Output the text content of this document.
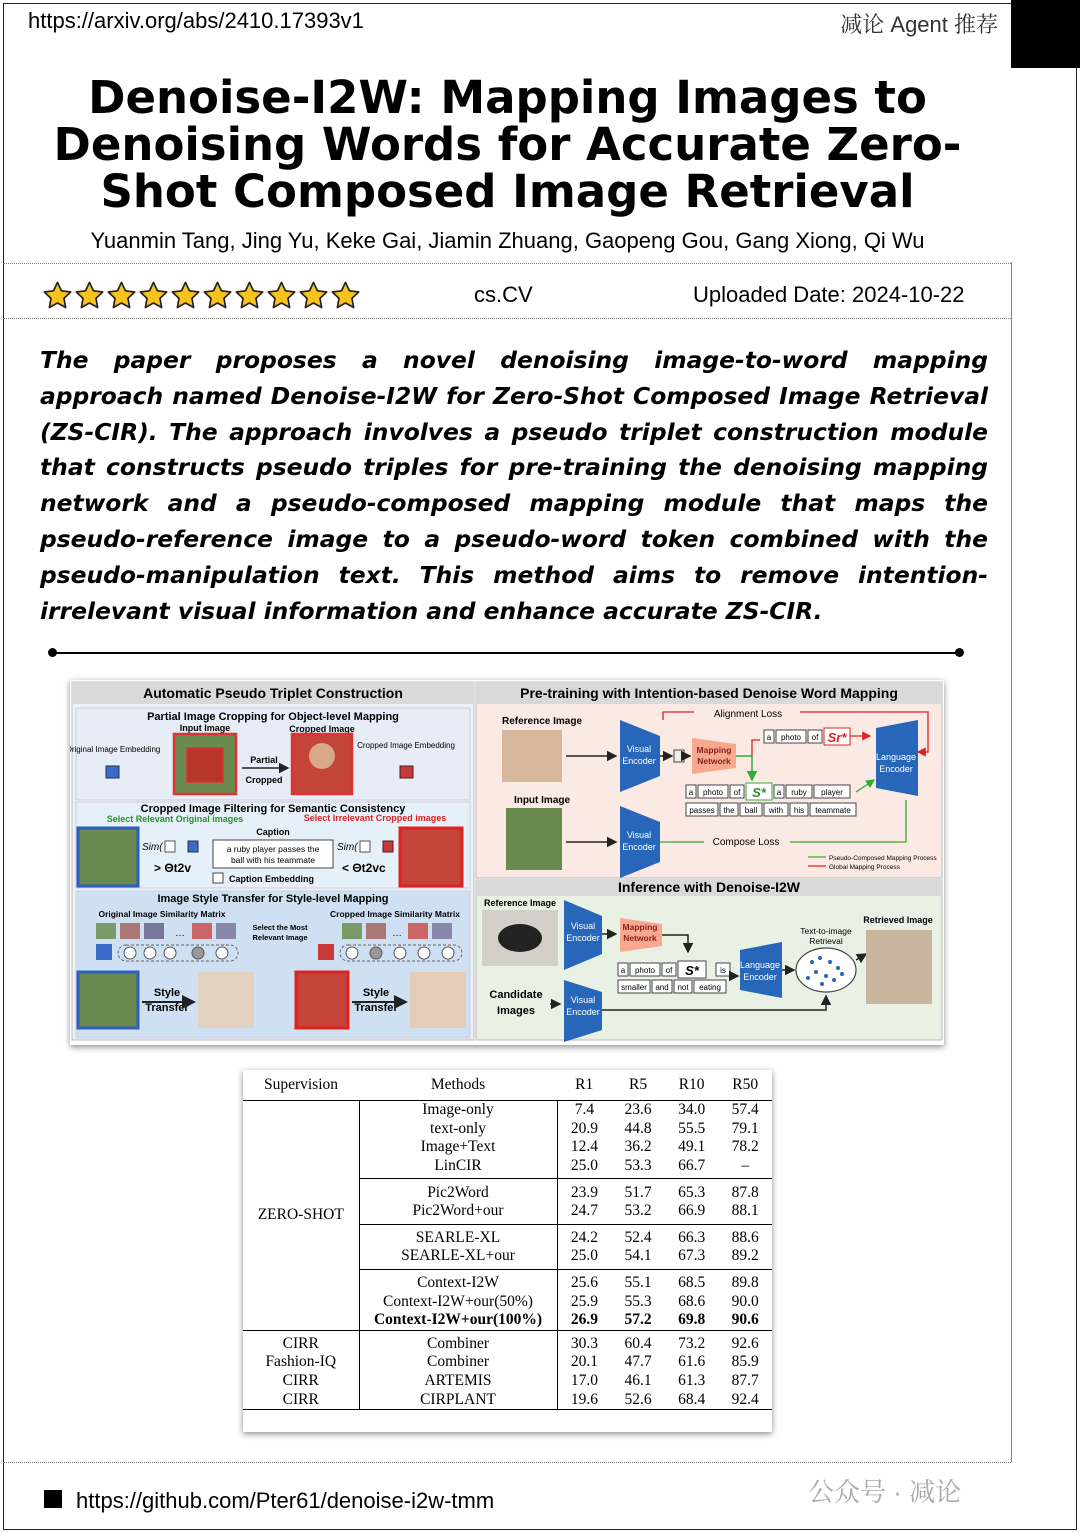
https://arxiv.org/abs/2410.17393v1	减论 Agent 推荐
Denoise-I2W: Mapping Images to Denoising Words for Accurate Zero-Shot Composed Image Retrieval
Yuanmin Tang, Jing Yu, Keke Gai, Jiamin Zhuang, Gaopeng Gou, Gang Xiong, Qi Wu
cs.CV	Uploaded Date: 2024-10-22
The paper proposes a novel denoising image-to-word mapping approach named Denoise-I2W for Zero-Shot Composed Image Retrieval (ZS-CIR). The approach involves a pseudo triplet construction module that constructs pseudo triples for pre-training the denoising mapping network and a pseudo-composed mapping module that maps the pseudo-reference image to a pseudo-word token combined with the pseudo-manipulation text. This method aims to remove intention-irrelevant visual information and enhance accurate ZS-CIR.
Automatic Pseudo Triplet Construction
Partial Image Cropping for Object-level Mapping
Input Image	Cropped Image
Original Image Embedding
Partial
Cropped
Cropped Image Embedding
Cropped Image Filtering for Semantic Consistency
Select Relevant Original images	Select Irrelevant Cropped images
Caption
a ruby player passes the
ball with his teammate
Sim(
> Θt2v
Sim(
< Θt2vc
Caption Embedding
Image Style Transfer for Style-level Mapping
Original Image Similarity Matrix	Cropped Image Similarity Matrix
Select the Most
Relevant Image
…	…
Style
Transfer
Style
Transfer
Pre-training with Intention-based Denoise Word Mapping
Reference Image
Visual
Encoder
Mapping
Network
Alignment Loss
a photo of Sr*
Language
Encoder
a photo of S* a ruby player
passes the ball with his teammate
Input Image
Visual
Encoder	Compose Loss
Pseudo-Composed Mapping Process
Global Mapping Process
Inference with Denoise-I2W
Reference Image
Visual
Encoder
Mapping
Network
a photo of S*	is
smaller and not eating
Language
Encoder
Text-to-image
Retrieval
Retrieved Image
Candidate
Images
Visual
Encoder
Supervision	Methods	R1	R5	R10	R50
ZERO-SHOT	Image-only	7.4	23.6	34.0	57.4
	text-only	20.9	44.8	55.5	79.1
	Image+Text	12.4	36.2	49.1	78.2
	LinCIR	25.0	53.3	66.7	–
	Pic2Word	23.9	51.7	65.3	87.8
	Pic2Word+our	24.7	53.2	66.9	88.1
	SEARLE-XL	24.2	52.4	66.3	88.6
	SEARLE-XL+our	25.0	54.1	67.3	89.2
	Context-I2W	25.6	55.1	68.5	89.8
	Context-I2W+our(50%)	25.9	55.3	68.6	90.0
	Context-I2W+our(100%)	26.9	57.2	69.8	90.6
CIRR	Combiner	30.3	60.4	73.2	92.6
Fashion-IQ	Combiner	20.1	47.7	61.6	85.9
CIRR	ARTEMIS	17.0	46.1	61.3	87.7
CIRR	CIRPLANT	19.6	52.6	68.4	92.4
https://github.com/Pter61/denoise-i2w-tmm	公众号 · 减论
